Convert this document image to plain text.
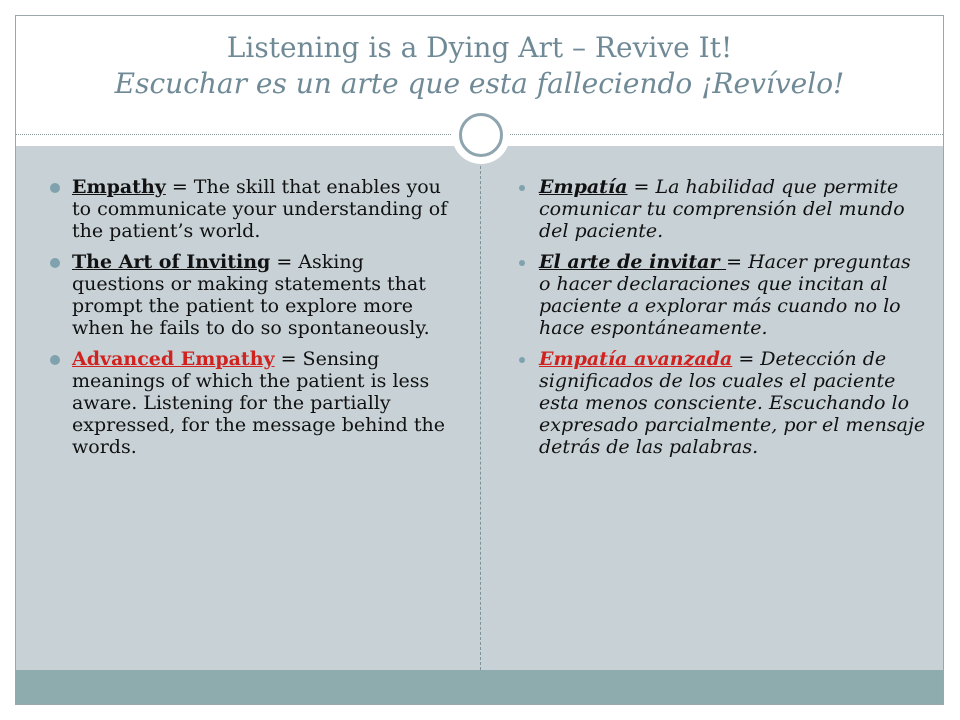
Listening is a Dying Art – Revive It!
Escuchar es un arte que esta falleciendo ¡Revívelo!
Empathy = The skill that enables you to communicate your understanding of the patient’s world.
The Art of Inviting = Asking questions or making statements that prompt the patient to explore more when he fails to do so spontaneously.
Advanced Empathy = Sensing meanings of which the patient is less aware. Listening for the partially expressed, for the message behind the words.
Empatía = La habilidad que permite comunicar tu comprensión del mundo del paciente.
El arte de invitar = Hacer preguntas o hacer declaraciones que incitan al paciente a explorar más cuando no lo hace espontáneamente.
Empatía avanzada = Detección de significados de los cuales el paciente esta menos consciente. Escuchando lo expresado parcialmente, por el mensaje detrás de las palabras.
